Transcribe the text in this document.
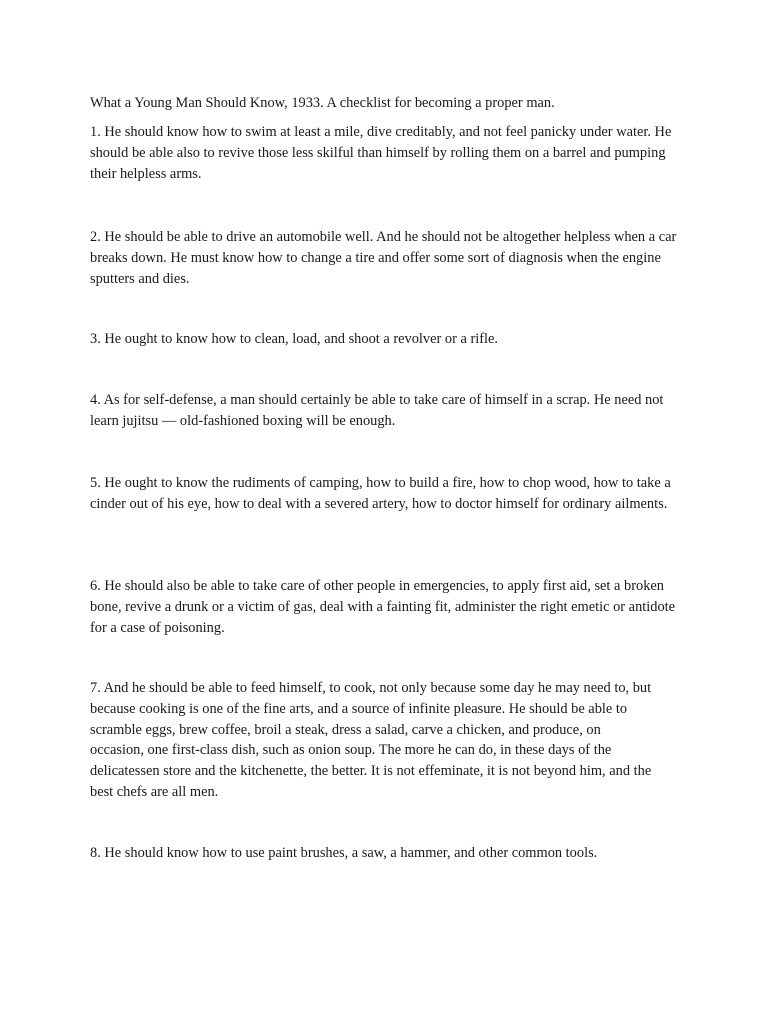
What a Young Man Should Know, 1933. A checklist for becoming a proper man.

1. He should know how to swim at least a mile, dive creditably, and not feel panicky under water. He should be able also to revive those less skilful than himself by rolling them on a barrel and pumping their helpless arms.

2. He should be able to drive an automobile well. And he should not be altogether helpless when a car breaks down. He must know how to change a tire and offer some sort of diagnosis when the engine sputters and dies.

3. He ought to know how to clean, load, and shoot a revolver or a rifle.

4. As for self-defense, a man should certainly be able to take care of himself in a scrap. He need not learn jujitsu — old-fashioned boxing will be enough.

5. He ought to know the rudiments of camping, how to build a fire, how to chop wood, how to take a cinder out of his eye, how to deal with a severed artery, how to doctor himself for ordinary ailments.

6. He should also be able to take care of other people in emergencies, to apply first aid, set a broken bone, revive a drunk or a victim of gas, deal with a fainting fit, administer the right emetic or antidote for a case of poisoning.

7. And he should be able to feed himself, to cook, not only because some day he may need to, but because cooking is one of the fine arts, and a source of infinite pleasure. He should be able to scramble eggs, brew coffee, broil a steak, dress a salad, carve a chicken, and produce, on occasion, one first-class dish, such as onion soup. The more he can do, in these days of the delicatessen store and the kitchenette, the better. It is not effeminate, it is not beyond him, and the best chefs are all men.

8. He should know how to use paint brushes, a saw, a hammer, and other common tools.
